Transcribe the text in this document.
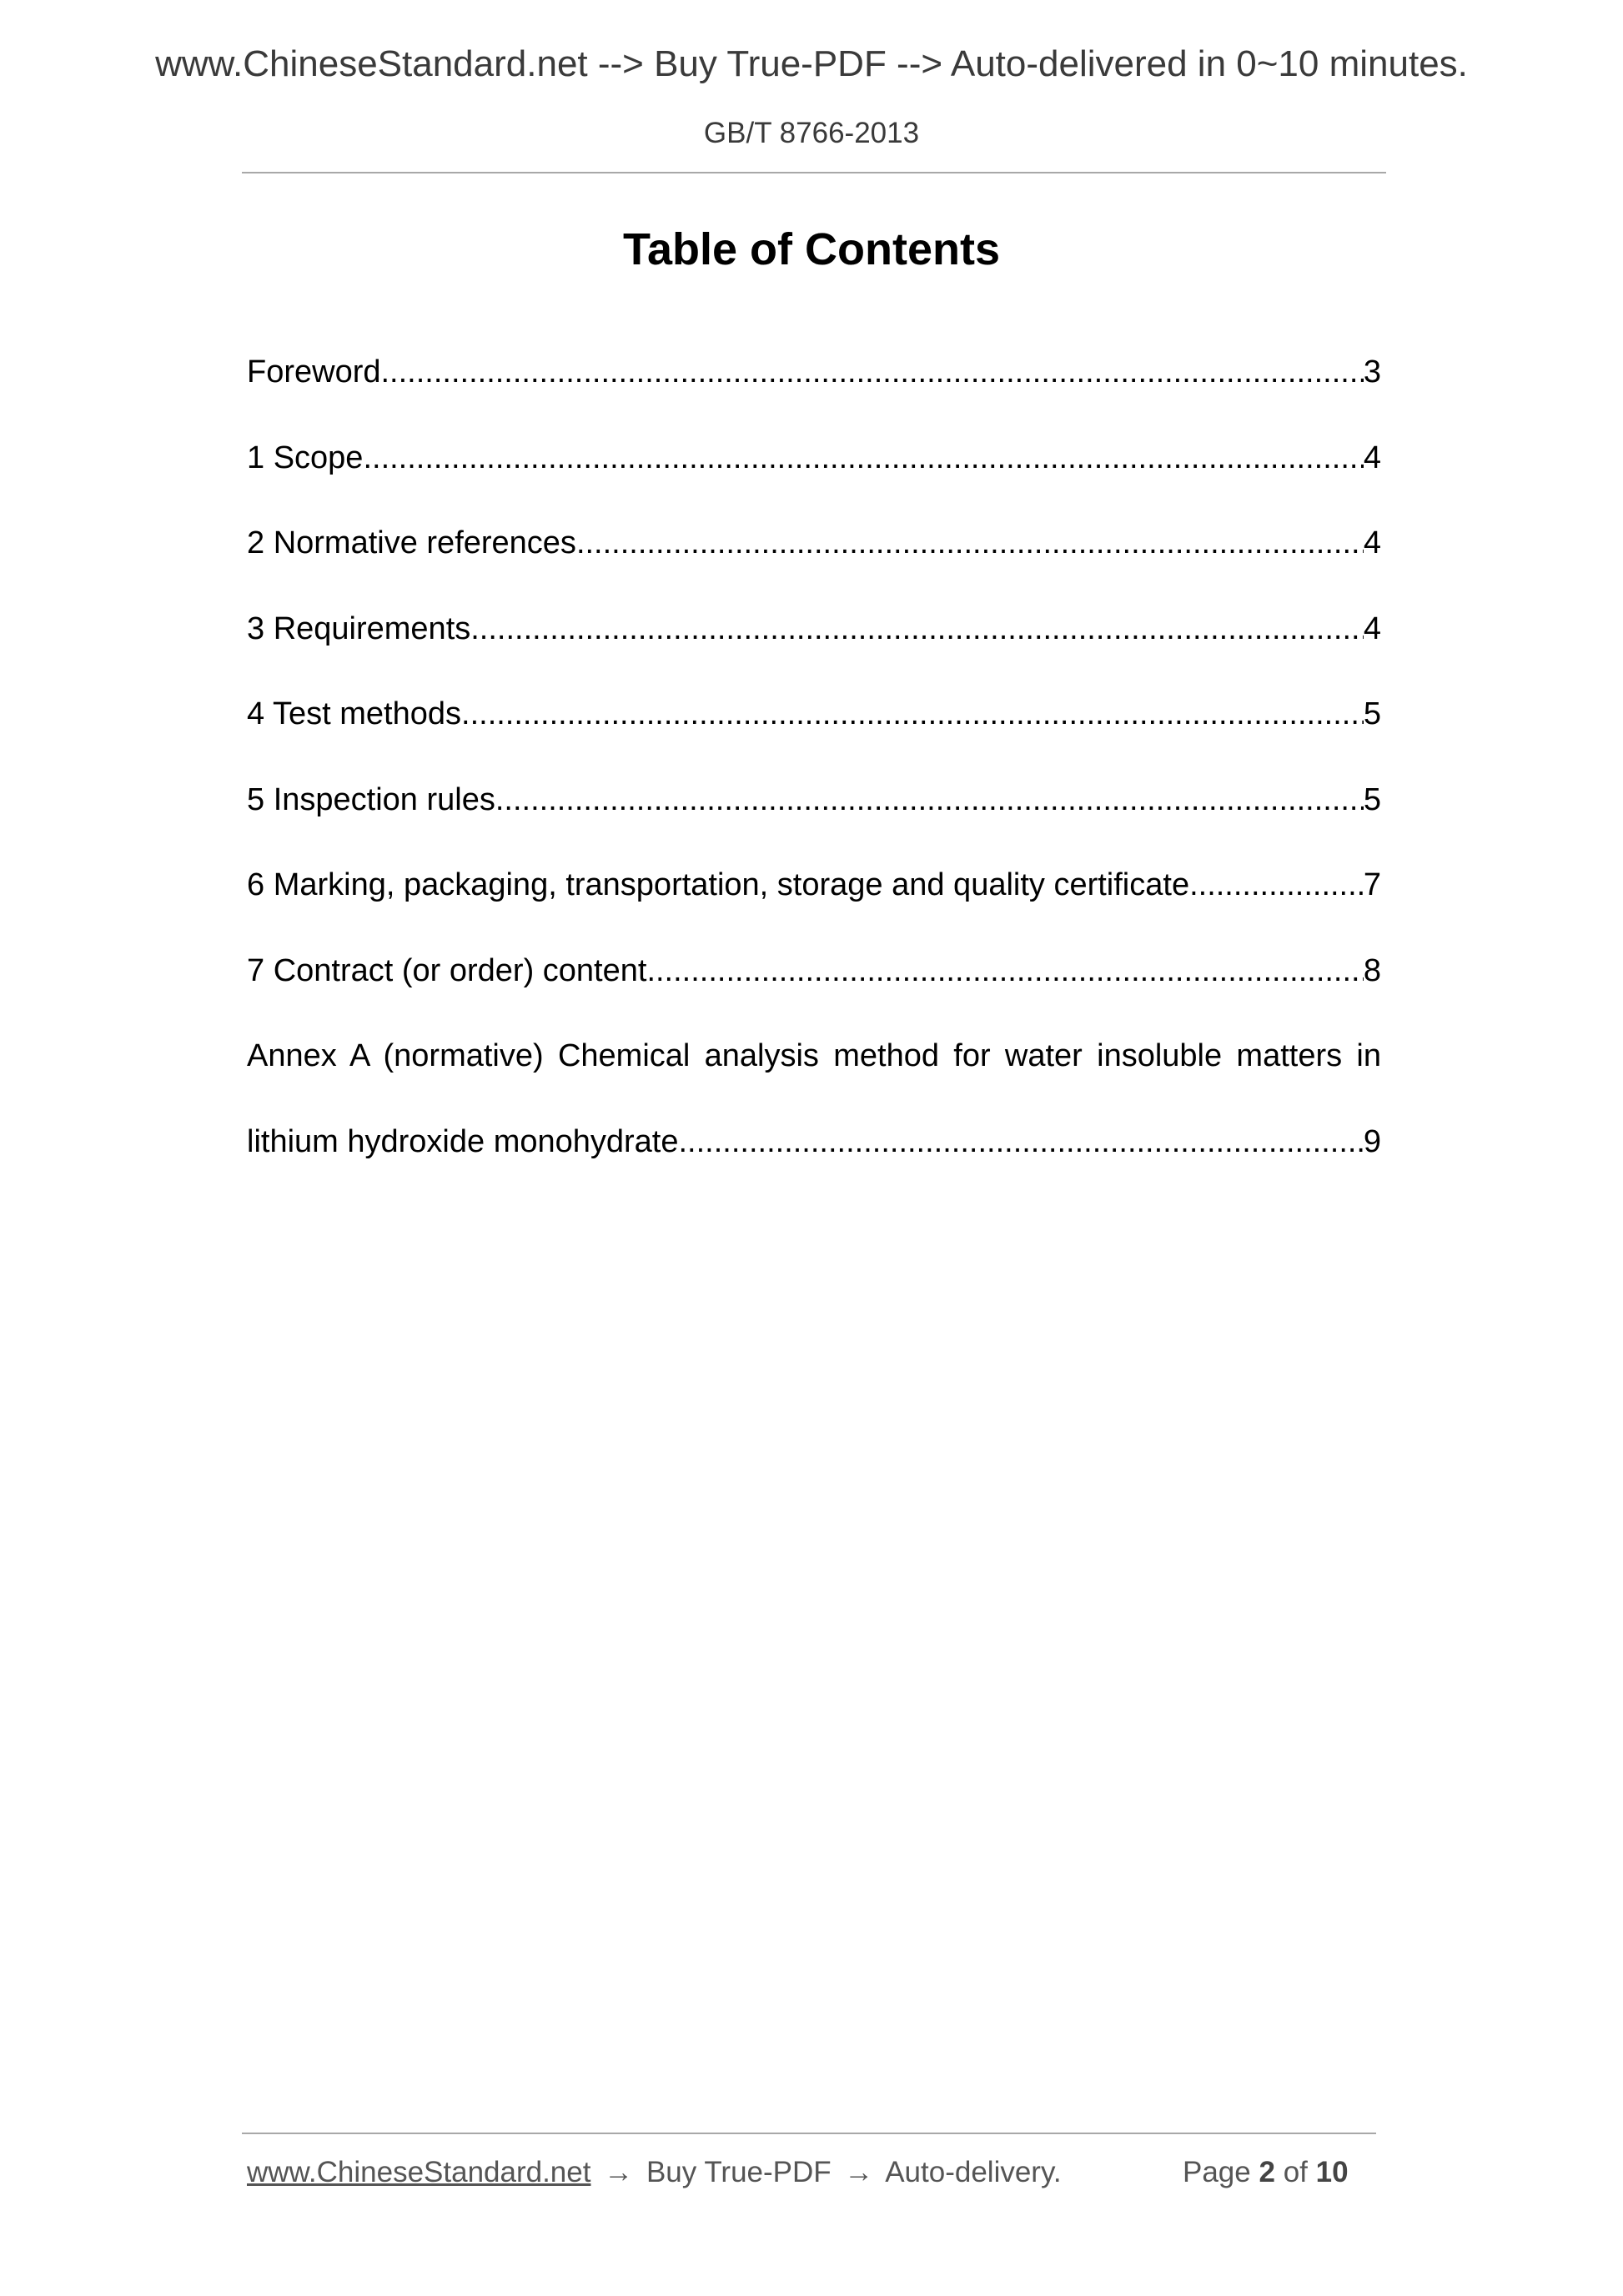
www.ChineseStandard.net --> Buy True-PDF --> Auto-delivered in 0~10 minutes.
GB/T 8766-2013
Table of Contents
Foreword .....	3
1 Scope .....	4
2 Normative references .....	4
3 Requirements .....	4
4 Test methods .....	5
5 Inspection rules .....	5
6 Marking, packaging, transportation, storage and quality certificate .....	7
7 Contract (or order) content .....	8
Annex A (normative) Chemical analysis method for water insoluble matters in
lithium hydroxide monohydrate .....	9
www.ChineseStandard.net → Buy True-PDF → Auto-delivery.	Page 2 of 10
